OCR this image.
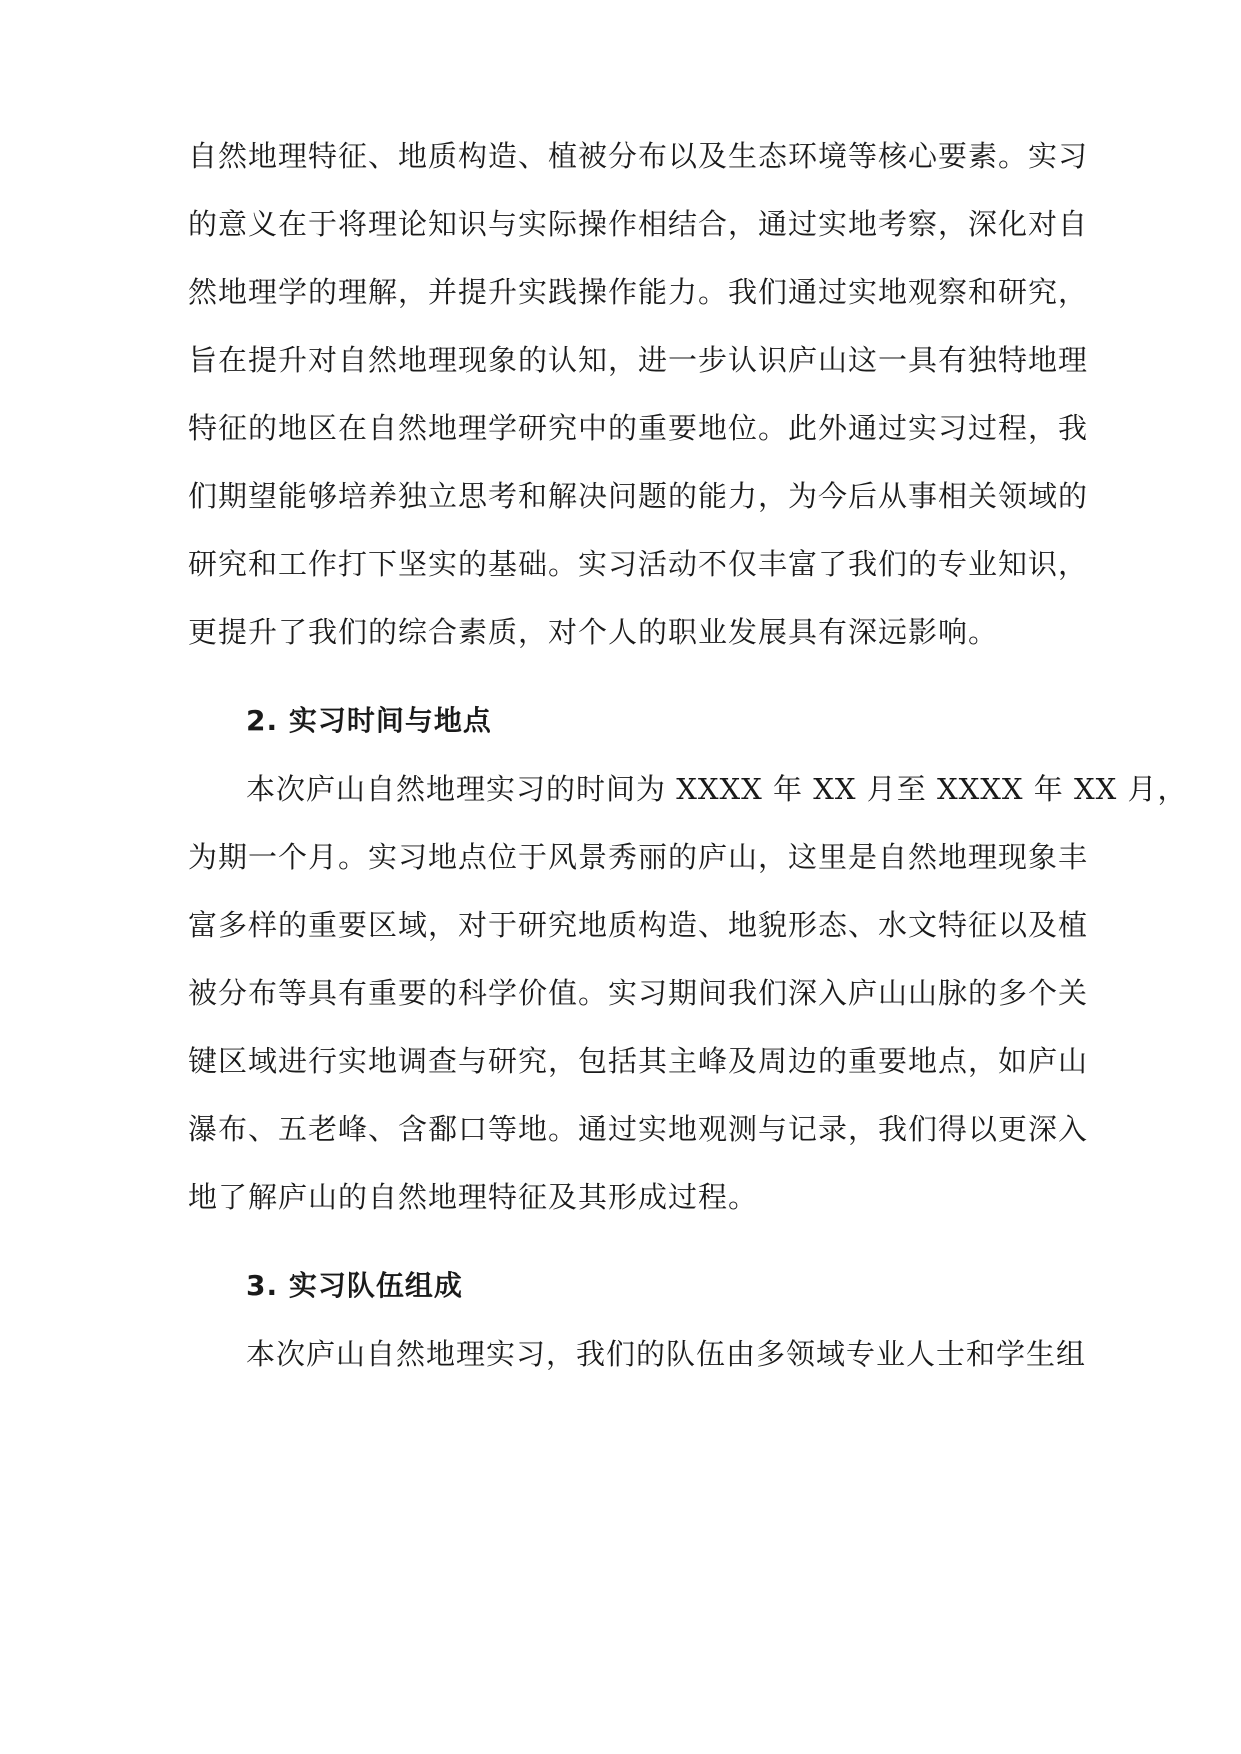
自然地理特征、地质构造、植被分布以及生态环境等核心要素。实习
的意义在于将理论知识与实际操作相结合，通过实地考察，深化对自
然地理学的理解，并提升实践操作能力。我们通过实地观察和研究，
旨在提升对自然地理现象的认知，进一步认识庐山这一具有独特地理
特征的地区在自然地理学研究中的重要地位。此外通过实习过程，我
们期望能够培养独立思考和解决问题的能力，为今后从事相关领域的
研究和工作打下坚实的基础。实习活动不仅丰富了我们的专业知识，
更提升了我们的综合素质，对个人的职业发展具有深远影响。
2. 实习时间与地点
本次庐山自然地理实习的时间为 XXXX 年 XX 月至 XXXX 年 XX 月，
为期一个月。实习地点位于风景秀丽的庐山，这里是自然地理现象丰
富多样的重要区域，对于研究地质构造、地貌形态、水文特征以及植
被分布等具有重要的科学价值。实习期间我们深入庐山山脉的多个关
键区域进行实地调查与研究，包括其主峰及周边的重要地点，如庐山
瀑布、五老峰、含鄱口等地。通过实地观测与记录，我们得以更深入
地了解庐山的自然地理特征及其形成过程。
3. 实习队伍组成
本次庐山自然地理实习，我们的队伍由多领域专业人士和学生组
